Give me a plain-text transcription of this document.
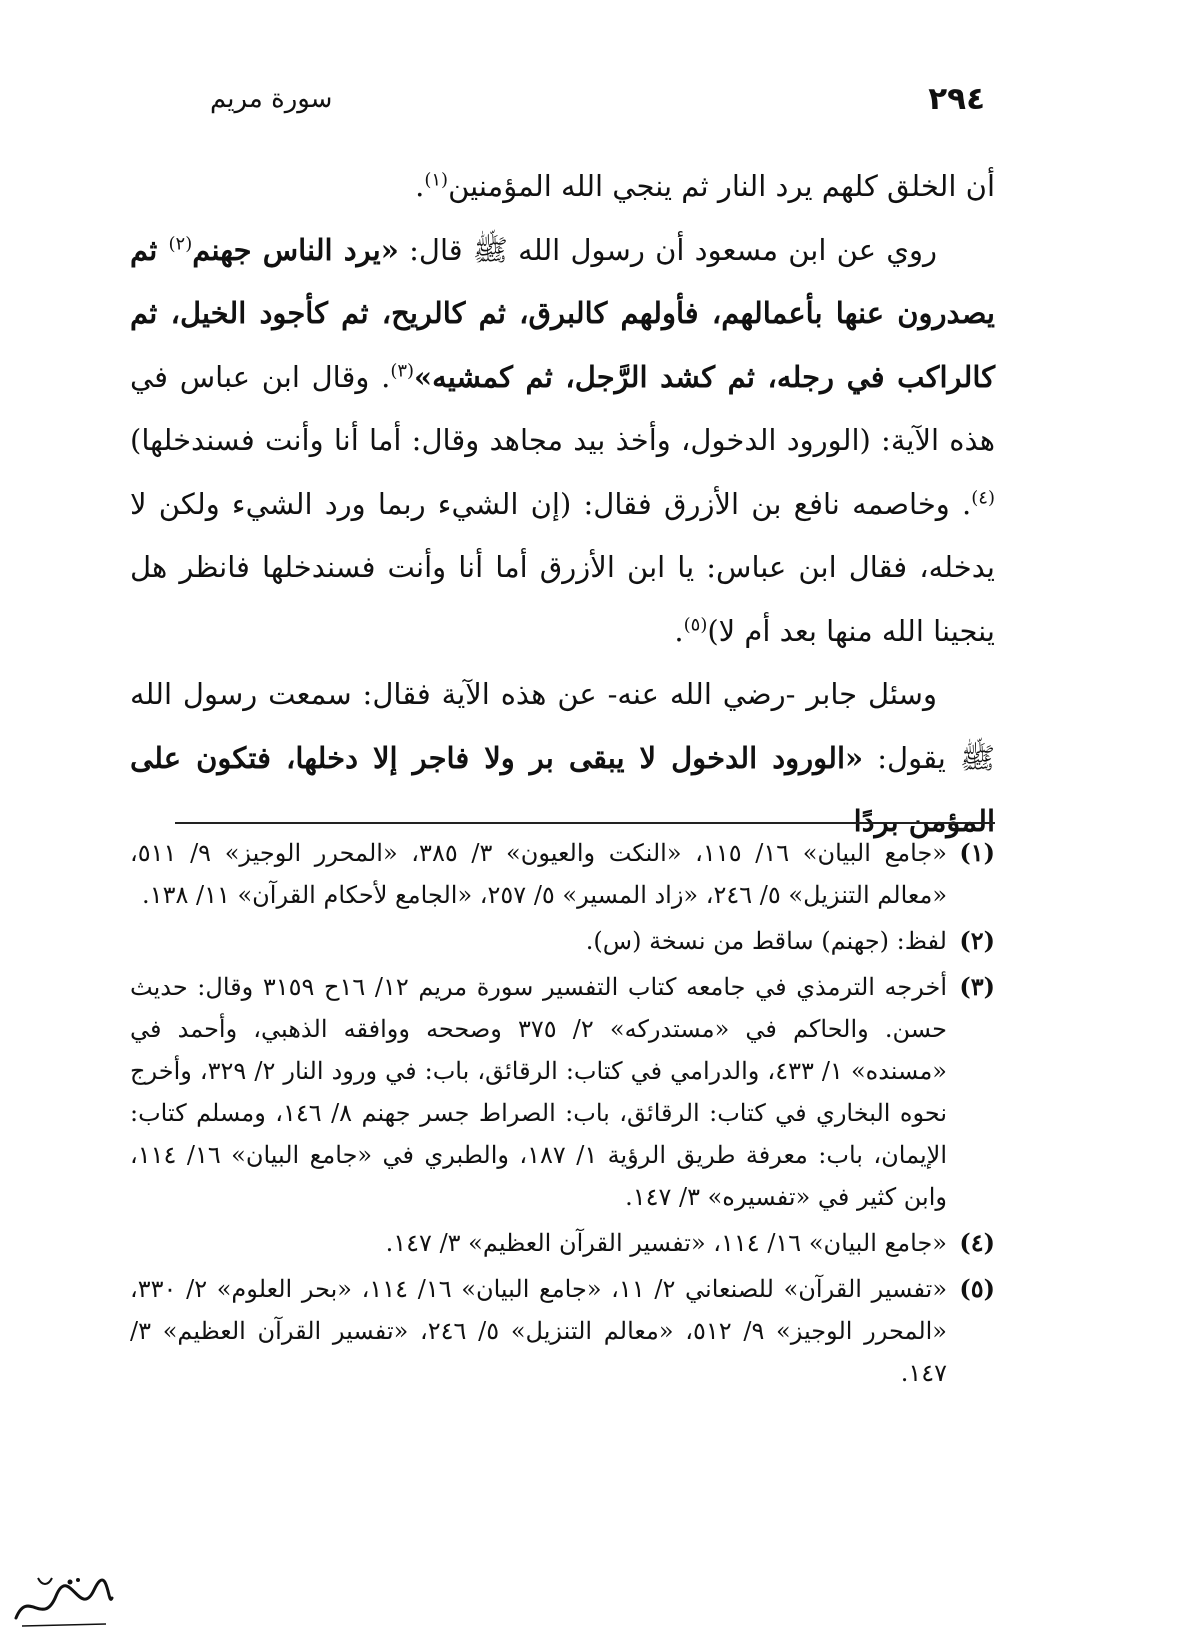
٢٩٤
سورة مريم

أن الخلق كلهم يرد النار ثم ينجي الله المؤمنين$^{(١)}$.

روي عن ابن مسعود أن رسول الله ﷺ قال: «يرد الناس جهنم$^{(٢)}$ ثم يصدرون عنها بأعمالهم، فأولهم كالبرق، ثم كالريح، ثم كأجود الخيل، ثم كالراكب في رجله، ثم كشد الرَّجل، ثم كمشيه»$^{(٣)}$. وقال ابن عباس في هذه الآية: (الورود الدخول، وأخذ بيد مجاهد وقال: أما أنا وأنت فسندخلها)$^{(٤)}$. وخاصمه نافع بن الأزرق فقال: (إن الشيء ربما ورد الشيء ولكن لا يدخله، فقال ابن عباس: يا ابن الأزرق أما أنا وأنت فسندخلها فانظر هل ينجينا الله منها بعد أم لا)$^{(٥)}$.

وسئل جابر -رضي الله عنه- عن هذه الآية فقال: سمعت رسول الله ﷺ يقول: «الورود الدخول لا يبقى بر ولا فاجر إلا دخلها، فتكون على المؤمن بردًا

(١)
«جامع البيان» ١٦/ ١١٥، «النكت والعيون» ٣/ ٣٨٥، «المحرر الوجيز» ٩/ ٥١١، «معالم التنزيل» ٥/ ٢٤٦، «زاد المسير» ٥/ ٢٥٧، «الجامع لأحكام القرآن» ١١/ ١٣٨.
(٢)
لفظ: (جهنم) ساقط من نسخة (س).
(٣)
أخرجه الترمذي في جامعه كتاب التفسير سورة مريم ١٢/ ١٦ح ٣١٥٩ وقال: حديث حسن. والحاكم في «مستدركه» ٢/ ٣٧٥ وصححه ووافقه الذهبي، وأحمد في «مسنده» ١/ ٤٣٣، والدرامي في كتاب: الرقائق، باب: في ورود النار ٢/ ٣٢٩، وأخرج نحوه البخاري في كتاب: الرقائق، باب: الصراط جسر جهنم ٨/ ١٤٦، ومسلم كتاب: الإيمان، باب: معرفة طريق الرؤية ١/ ١٨٧، والطبري في «جامع البيان» ١٦/ ١١٤، وابن كثير في «تفسيره» ٣/ ١٤٧.
(٤)
«جامع البيان» ١٦/ ١١٤، «تفسير القرآن العظيم» ٣/ ١٤٧.
(٥)
«تفسير القرآن» للصنعاني ٢/ ١١، «جامع البيان» ١٦/ ١١٤، «بحر العلوم» ٢/ ٣٣٠، «المحرر الوجيز» ٩/ ٥١٢، «معالم التنزيل» ٥/ ٢٤٦، «تفسير القرآن العظيم» ٣/ ١٤٧.
